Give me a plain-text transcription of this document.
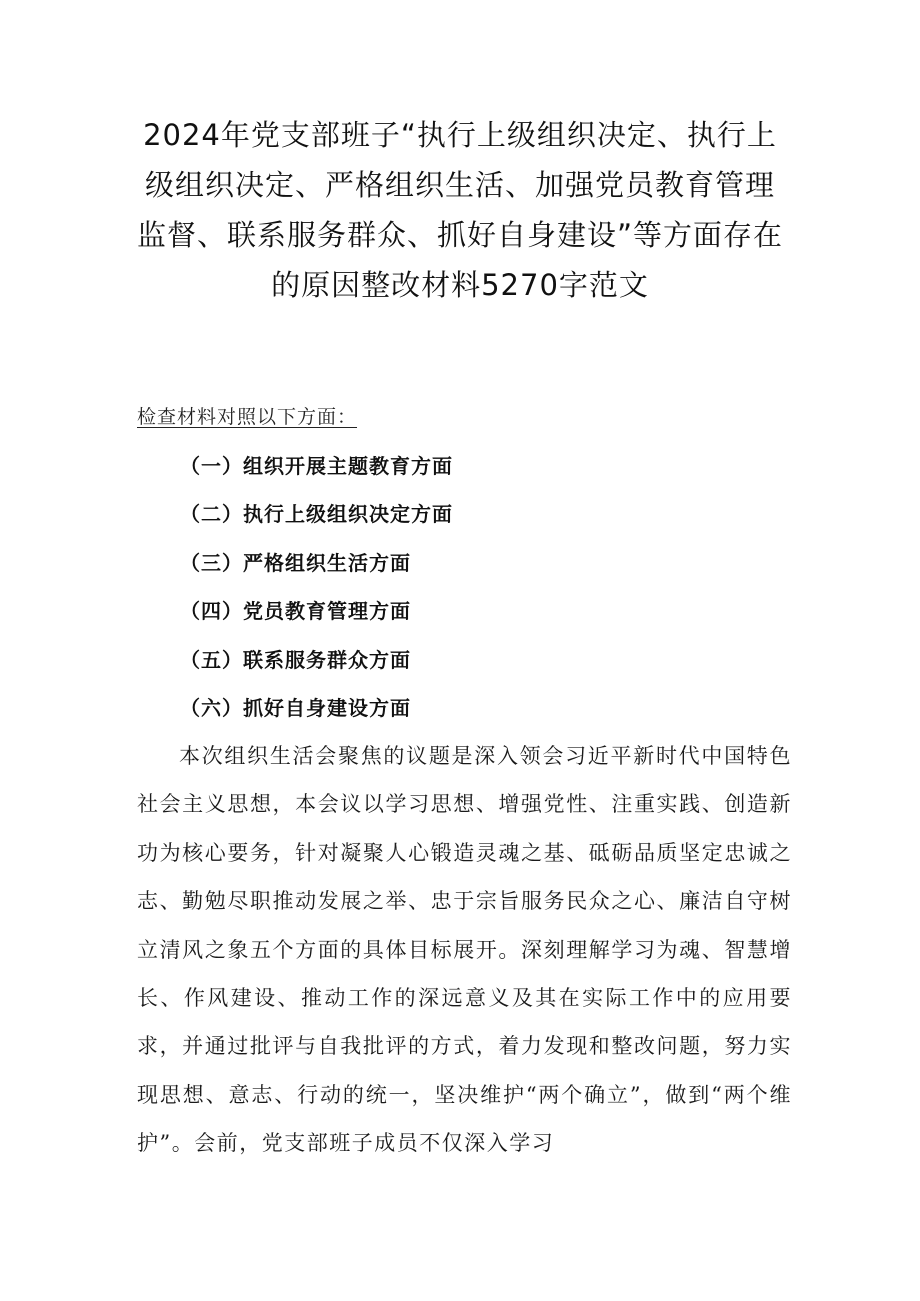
2024年党支部班子“执行上级组织决定、执行上级组织决定、严格组织生活、加强党员教育管理监督、联系服务群众、抓好自身建设”等方面存在的原因整改材料5270字范文
检查材料对照以下方面：
（一）组织开展主题教育方面
（二）执行上级组织决定方面
（三）严格组织生活方面
（四）党员教育管理方面
（五）联系服务群众方面
（六）抓好自身建设方面

本次组织生活会聚焦的议题是深入领会习近平新时代中国特色社会主义思想，本会议以学习思想、增强党性、注重实践、创造新功为核心要务，针对凝聚人心锻造灵魂之基、砥砺品质坚定忠诚之志、勤勉尽职推动发展之举、忠于宗旨服务民众之心、廉洁自守树立清风之象五个方面的具体目标展开。深刻理解学习为魂、智慧增长、作风建设、推动工作的深远意义及其在实际工作中的应用要求，并通过批评与自我批评的方式，着力发现和整改问题，努力实现思想、意志、行动的统一，坚决维护“两个确立”，做到“两个维护”。会前，党支部班子成员不仅深入学习
